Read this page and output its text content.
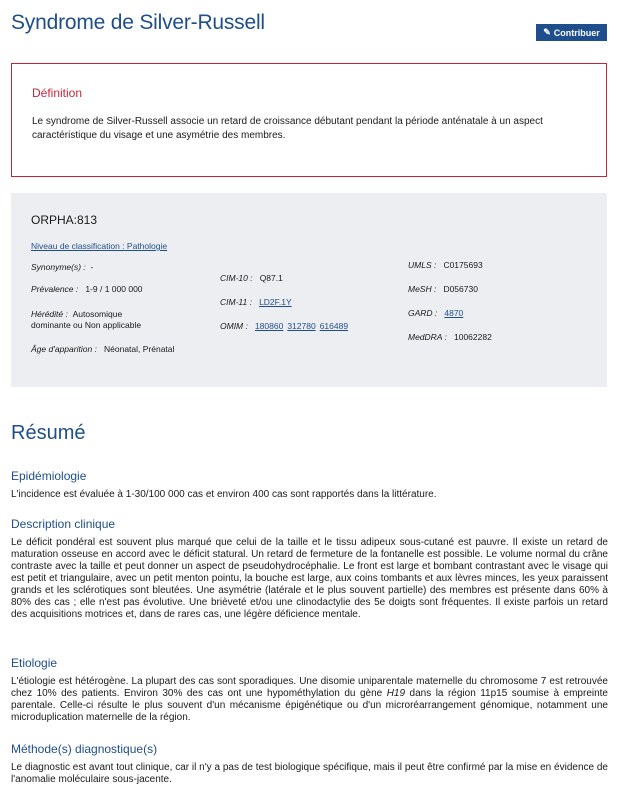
Syndrome de Silver-Russell	✎ Contribuer
Définition
Le syndrome de Silver-Russell associe un retard de croissance débutant pendant la période anténatale à un aspect caractéristique du visage et une asymétrie des membres.
ORPHA:813
Niveau de classification : Pathologie
Synonyme(s) : -
Prévalence : 1-9 / 1 000 000
Hérédité : Autosomique
dominante ou Non applicable
Âge d'apparition : Néonatal, Prénatal
CIM-10 : Q87.1
CIM-11 : LD2F.1Y
OMIM : 180860 312780 616489
UMLS : C0175693
MeSH : D056730
GARD : 4870
MedDRA : 10062282
Résumé
Epidémiologie

L'incidence est évaluée à 1-30/100 000 cas et environ 400 cas sont rapportés dans la littérature.

Description clinique

Le déficit pondéral est souvent plus marqué que celui de la taille et le tissu adipeux sous-cutané est pauvre. Il existe un retard de maturation osseuse en accord avec le déficit statural. Un retard de fermeture de la fontanelle est possible. Le volume normal du crâne contraste avec la taille et peut donner un aspect de pseudohydrocéphalie. Le front est large et bombant contrastant avec le visage qui est petit et triangulaire, avec un petit menton pointu, la bouche est large, aux coins tombants et aux lèvres minces, les yeux paraissent grands et les sclérotiques sont bleutées. Une asymétrie (latérale et le plus souvent partielle) des membres est présente dans 60% à 80% des cas ; elle n'est pas évolutive. Une brièveté et/ou une clinodactylie des 5e doigts sont fréquentes. Il existe parfois un retard des acquisitions motrices et, dans de rares cas, une légère déficience mentale.

Etiologie

L'étiologie est hétérogène. La plupart des cas sont sporadiques. Une disomie uniparentale maternelle du chromosome 7 est retrouvée chez 10% des patients. Environ 30% des cas ont une hypométhylation du gène H19 dans la région 11p15 soumise à empreinte parentale. Celle-ci résulte le plus souvent d'un mécanisme épigénétique ou d'un microréarrangement génomique, notamment une microduplication maternelle de la région.

Méthode(s) diagnostique(s)

Le diagnostic est avant tout clinique, car il n'y a pas de test biologique spécifique, mais il peut être confirmé par la mise en évidence de l'anomalie moléculaire sous-jacente.
